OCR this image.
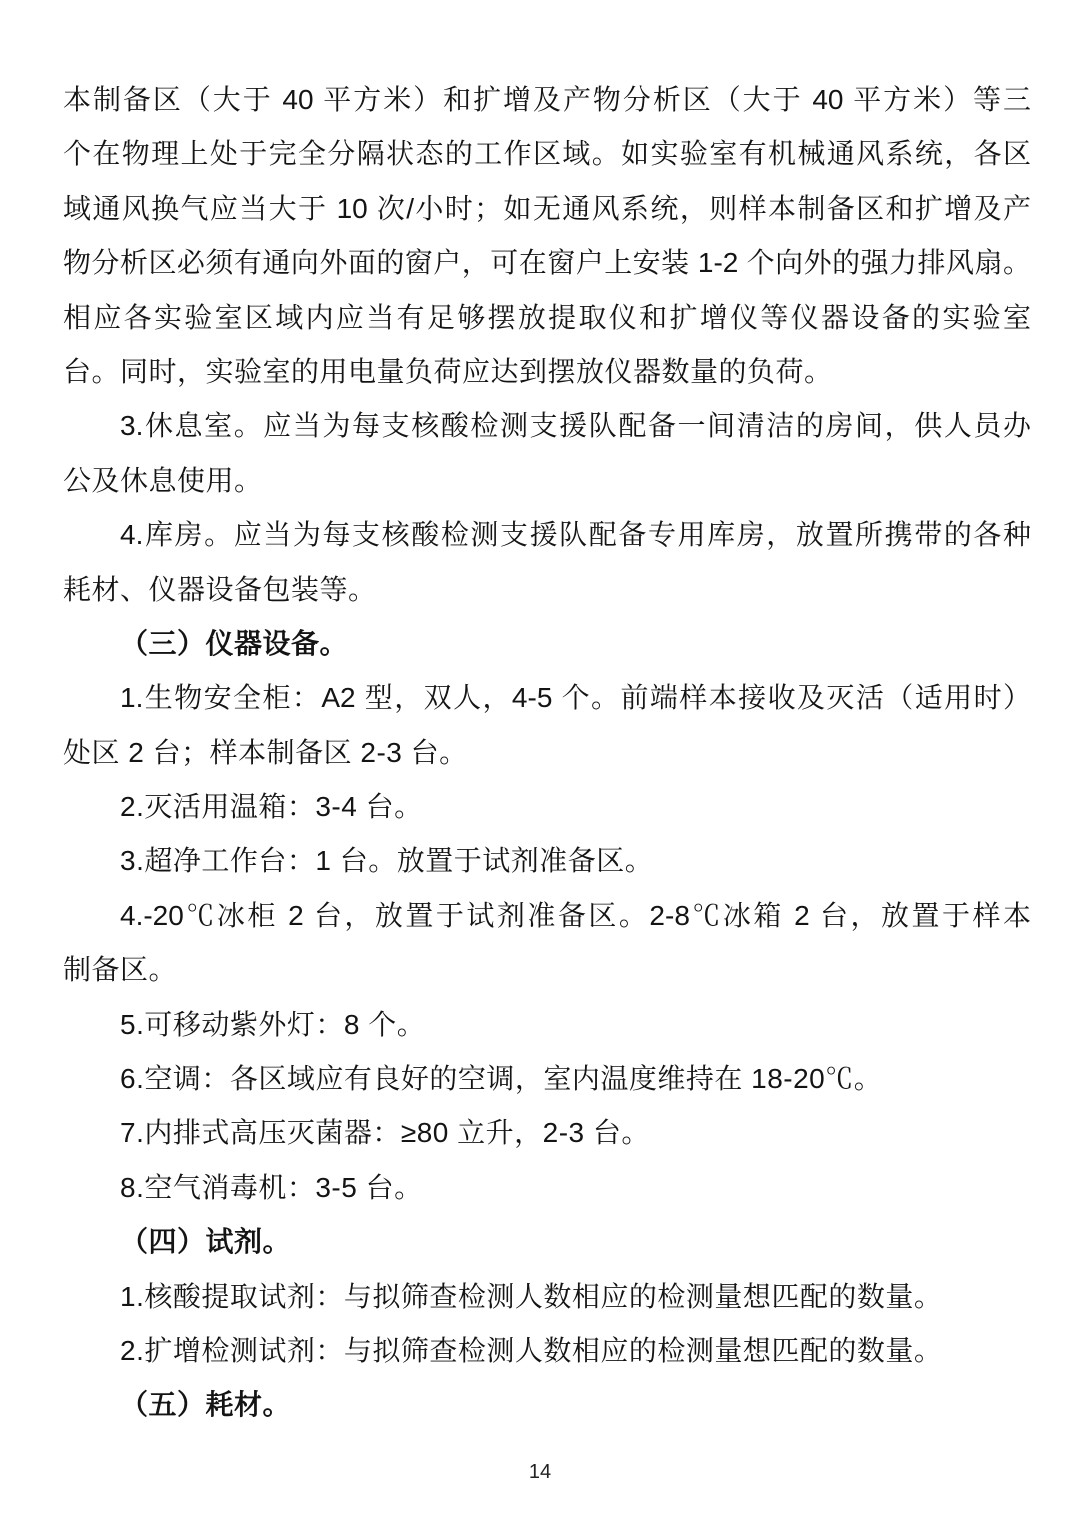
本制备区（大于 40 平方米）和扩增及产物分析区（大于 40 平方米）等三
个在物理上处于完全分隔状态的工作区域。如实验室有机械通风系统，各区
域通风换气应当大于 10 次/小时；如无通风系统，则样本制备区和扩增及产
物分析区必须有通向外面的窗户，可在窗户上安装 1-2 个向外的强力排风扇。
相应各实验室区域内应当有足够摆放提取仪和扩增仪等仪器设备的实验室
台。同时，实验室的用电量负荷应达到摆放仪器数量的负荷。
3.休息室。应当为每支核酸检测支援队配备一间清洁的房间，供人员办
公及休息使用。
4.库房。应当为每支核酸检测支援队配备专用库房，放置所携带的各种
耗材、仪器设备包装等。
（三）仪器设备。
1.生物安全柜：A2 型，双人，4-5 个。前端样本接收及灭活（适用时）
处区 2 台；样本制备区 2-3 台。
2.灭活用温箱：3-4 台。
3.超净工作台：1 台。放置于试剂准备区。
4.-20℃冰柜 2 台，放置于试剂准备区。2-8℃冰箱 2 台，放置于样本
制备区。
5.可移动紫外灯：8 个。
6.空调：各区域应有良好的空调，室内温度维持在 18-20℃。
7.内排式高压灭菌器：≥80 立升，2-3 台。
8.空气消毒机：3-5 台。
（四）试剂。
1.核酸提取试剂：与拟筛查检测人数相应的检测量想匹配的数量。
2.扩增检测试剂：与拟筛查检测人数相应的检测量想匹配的数量。
（五）耗材。
14
